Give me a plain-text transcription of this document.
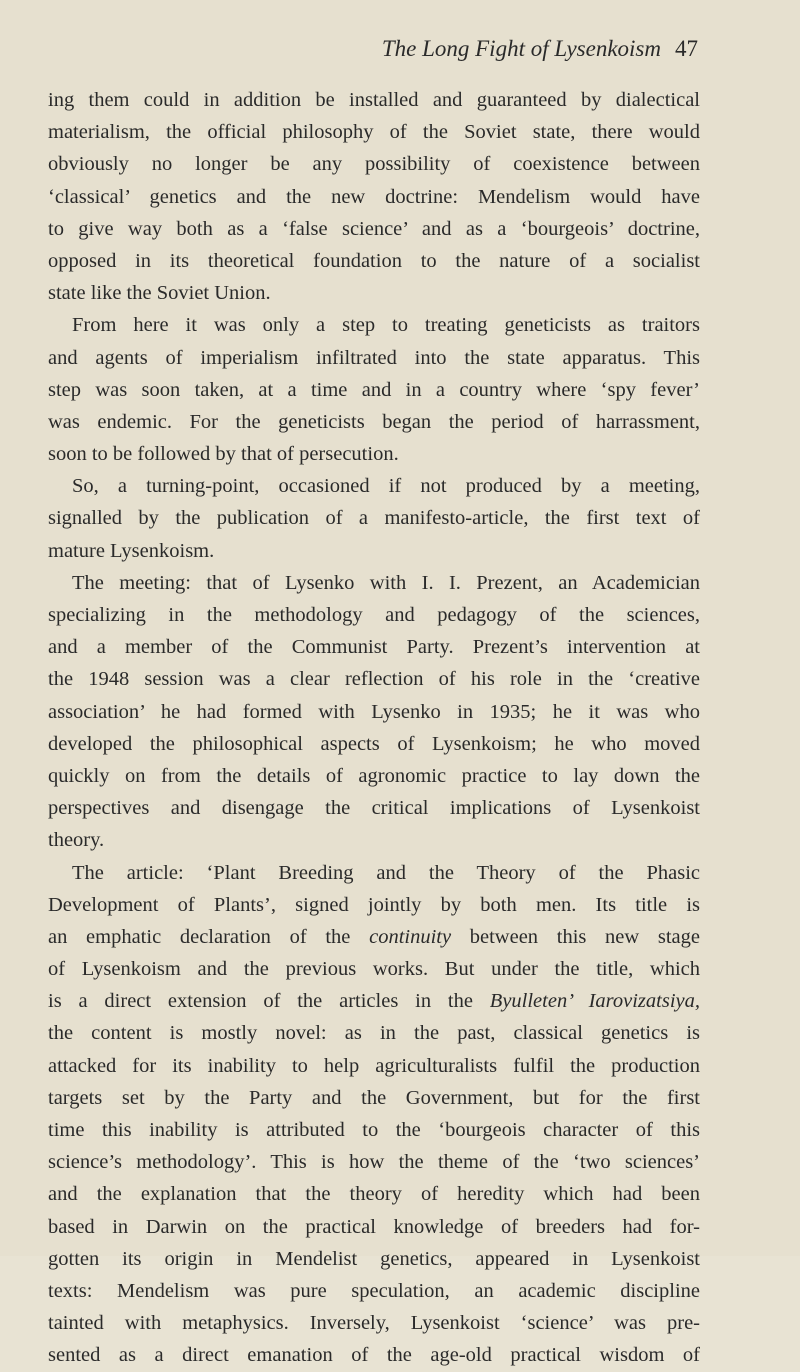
The Long Fight of Lysenkoism 47
ing them could in addition be installed and guaranteed by dialectical
materialism, the official philosophy of the Soviet state, there would
obviously no longer be any possibility of coexistence between
‘classical’ genetics and the new doctrine: Mendelism would have
to give way both as a ‘false science’ and as a ‘bourgeois’ doctrine,
opposed in its theoretical foundation to the nature of a socialist
state like the Soviet Union.
From here it was only a step to treating geneticists as traitors
and agents of imperialism infiltrated into the state apparatus. This
step was soon taken, at a time and in a country where ‘spy fever’
was endemic. For the geneticists began the period of harrassment,
soon to be followed by that of persecution.
So, a turning-point, occasioned if not produced by a meeting,
signalled by the publication of a manifesto-article, the first text of
mature Lysenkoism.
The meeting: that of Lysenko with I. I. Prezent, an Academician
specializing in the methodology and pedagogy of the sciences,
and a member of the Communist Party. Prezent’s intervention at
the 1948 session was a clear reflection of his role in the ‘creative
association’ he had formed with Lysenko in 1935; he it was who
developed the philosophical aspects of Lysenkoism; he who moved
quickly on from the details of agronomic practice to lay down the
perspectives and disengage the critical implications of Lysenkoist
theory.
The article: ‘Plant Breeding and the Theory of the Phasic
Development of Plants’, signed jointly by both men. Its title is
an emphatic declaration of the continuity between this new stage
of Lysenkoism and the previous works. But under the title, which
is a direct extension of the articles in the Byulleten’ Iarovizatsiya,
the content is mostly novel: as in the past, classical genetics is
attacked for its inability to help agriculturalists fulfil the production
targets set by the Party and the Government, but for the first
time this inability is attributed to the ‘bourgeois character of this
science’s methodology’. This is how the theme of the ‘two sciences’
and the explanation that the theory of heredity which had been
based in Darwin on the practical knowledge of breeders had for-
gotten its origin in Mendelist genetics, appeared in Lysenkoist
texts: Mendelism was pure speculation, an academic discipline
tainted with metaphysics. Inversely, Lysenkoist ‘science’ was pre-
sented as a direct emanation of the age-old practical wisdom of
